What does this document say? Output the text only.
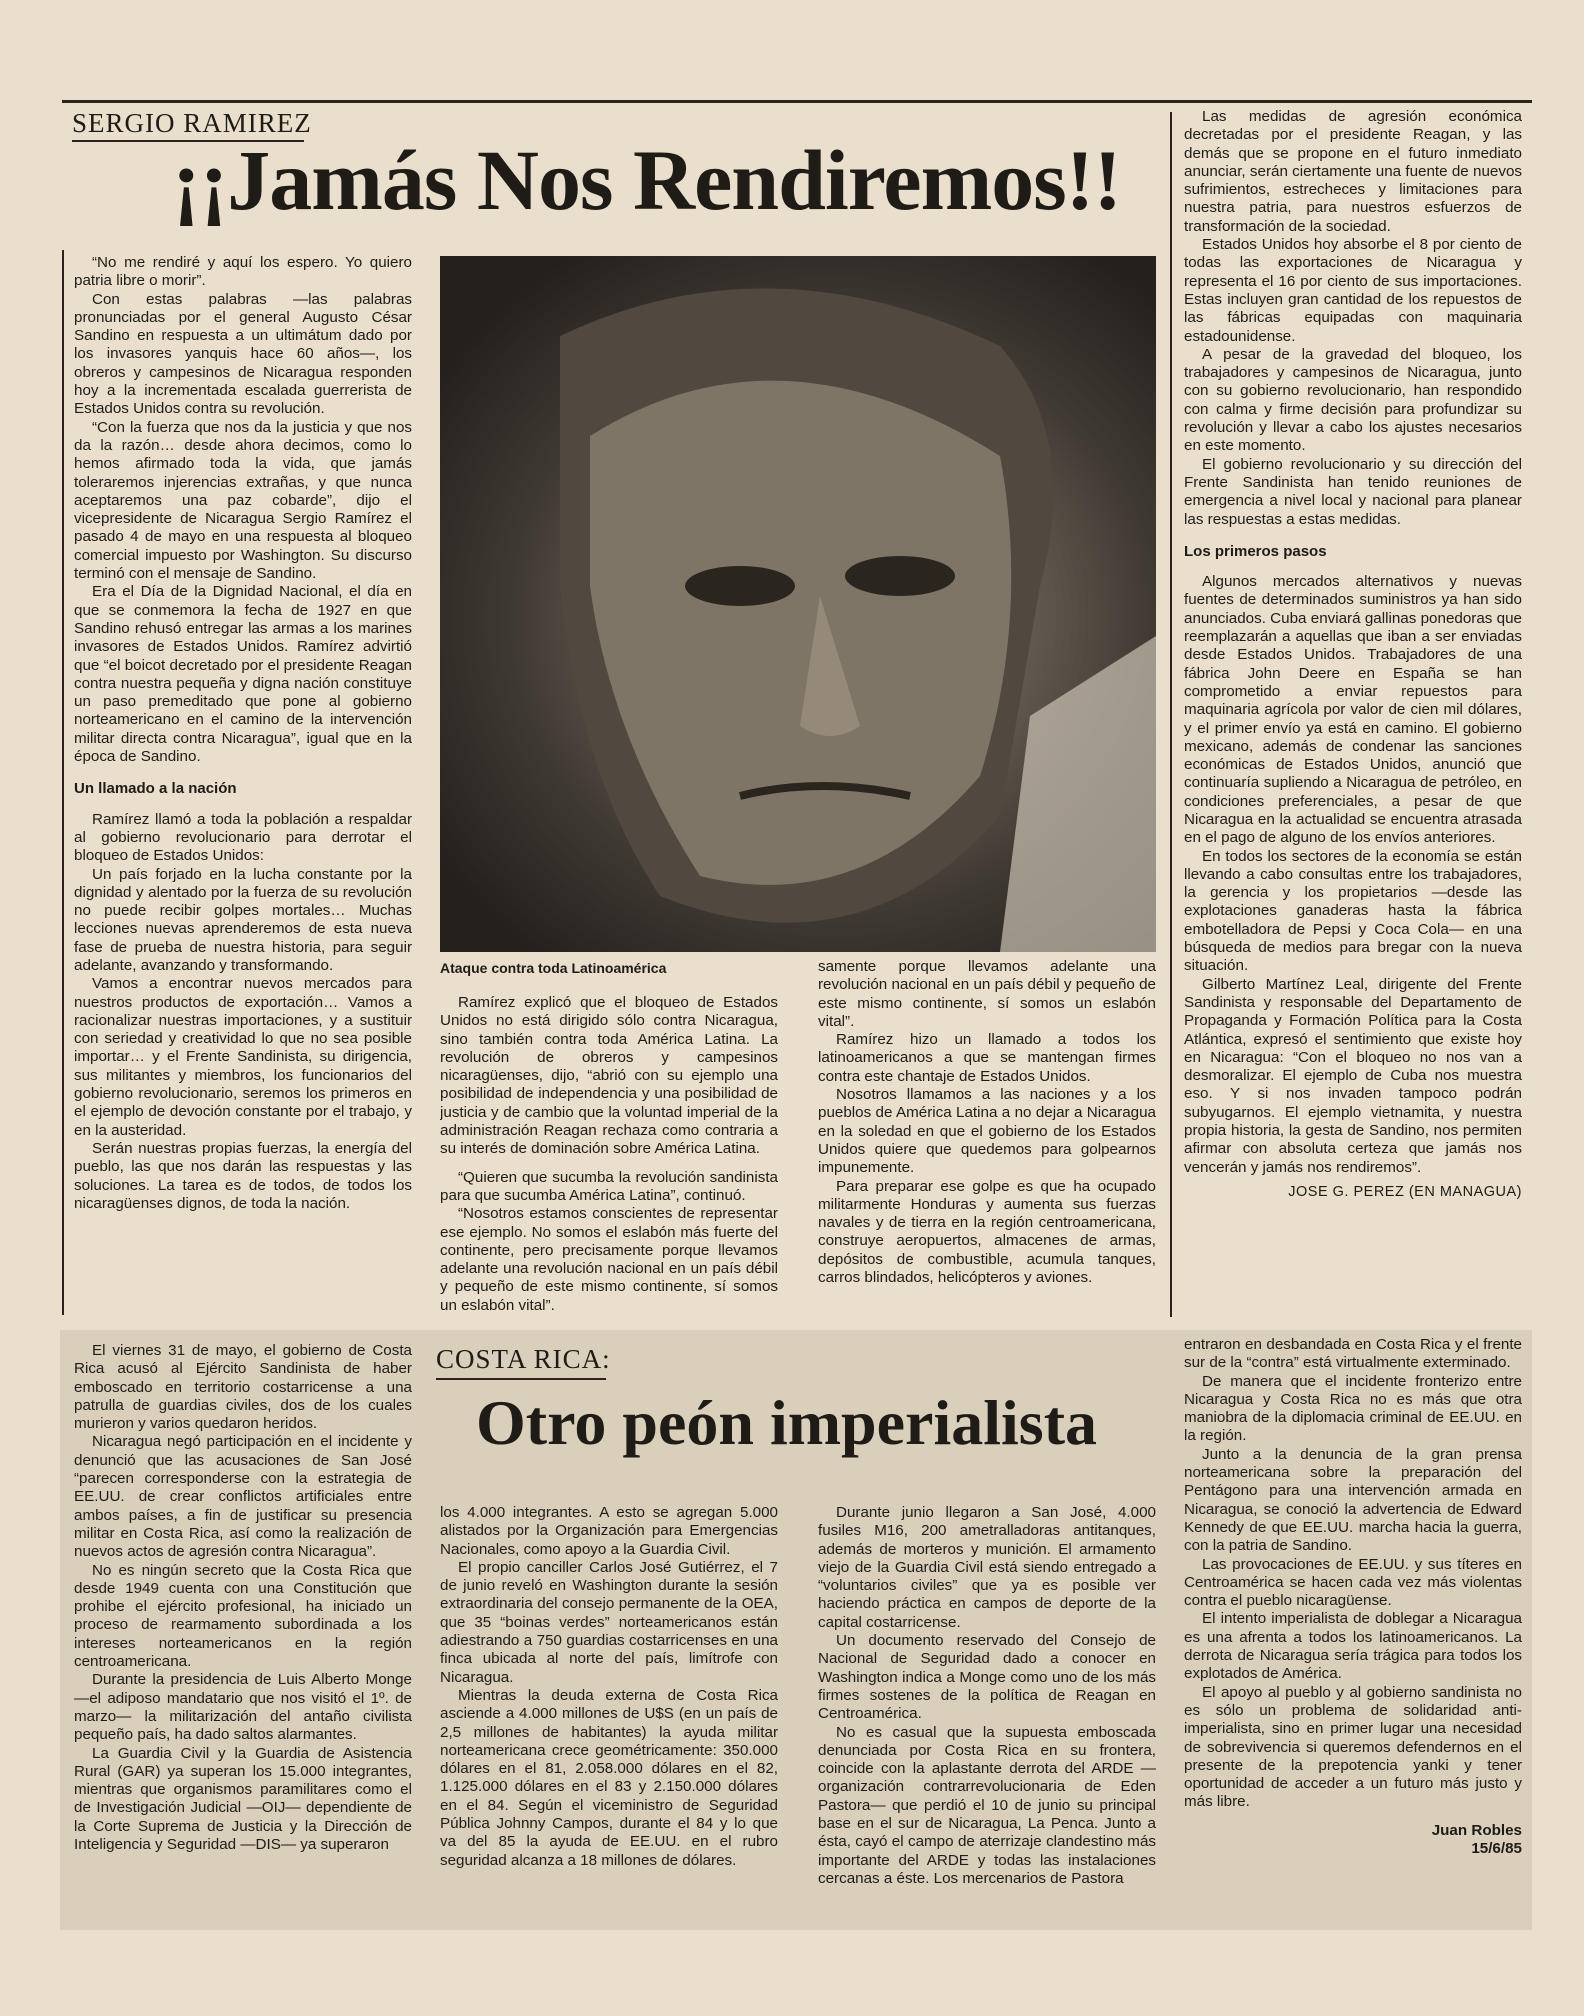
SERGIO RAMIREZ
¡¡Jamás Nos Rendiremos!!

“No me rendiré y aquí los espero. Yo quiero patria libre o morir”.

Con estas palabras —las palabras pronunciadas por el general Augusto César Sandino en respuesta a un ultimátum dado por los invasores yanquis hace 60 años—, los obreros y campesinos de Nicaragua responden hoy a la incrementada escalada guerrerista de Estados Unidos contra su revolución.

“Con la fuerza que nos da la justicia y que nos da la razón… desde ahora decimos, como lo hemos afirmado toda la vida, que jamás toleraremos injerencias extrañas, y que nunca aceptaremos una paz cobarde”, dijo el vicepresidente de Nicaragua Sergio Ramírez el pasado 4 de mayo en una respuesta al bloqueo comercial impuesto por Washington. Su discurso terminó con el mensaje de Sandino.

Era el Día de la Dignidad Nacional, el día en que se conmemora la fecha de 1927 en que Sandino rehusó entregar las armas a los marines invasores de Estados Unidos. Ramírez advirtió que “el boicot decretado por el presidente Reagan contra nuestra pequeña y digna nación constituye un paso premeditado que pone al gobierno norteamericano en el camino de la intervención militar directa contra Nicaragua”, igual que en la época de Sandino.

Un llamado a la nación

Ramírez llamó a toda la población a respaldar al gobierno revolucionario para derrotar el bloqueo de Estados Unidos:

Un país forjado en la lucha constante por la dignidad y alentado por la fuerza de su revolución no puede recibir golpes mortales… Muchas lecciones nuevas aprenderemos de esta nueva fase de prueba de nuestra historia, para seguir adelante, avanzando y transformando.

Vamos a encontrar nuevos mercados para nuestros productos de exportación… Vamos a racionalizar nuestras importaciones, y a sustituir con seriedad y creatividad lo que no sea posible importar… y el Frente Sandinista, su dirigencia, sus militantes y miembros, los funcionarios del gobierno revolucionario, seremos los primeros en el ejemplo de devoción constante por el trabajo, y en la austeridad.

Serán nuestras propias fuerzas, la energía del pueblo, las que nos darán las respuestas y las soluciones. La tarea es de todos, de todos los nicaragüenses dignos, de toda la nación.

Ataque contra toda Latinoamérica

Ramírez explicó que el bloqueo de Estados Unidos no está dirigido sólo contra Nicaragua, sino también contra toda América Latina. La revolución de obreros y campesinos nicaragüenses, dijo, “abrió con su ejemplo una posibilidad de independencia y una posibilidad de justicia y de cambio que la voluntad imperial de la administración Reagan rechaza como contraria a su interés de dominación sobre América Latina.

“Quieren que sucumba la revolución sandinista para que sucumba América Latina”, continuó.

“Nosotros estamos conscientes de representar ese ejemplo. No somos el eslabón más fuerte del continente, pero precisamente porque llevamos adelante una revolución nacional en un país débil y pequeño de este mismo continente, sí somos un eslabón vital”.

samente porque llevamos adelante una revolución nacional en un país débil y pequeño de este mismo continente, sí somos un eslabón vital”.

Ramírez hizo un llamado a todos los latinoamericanos a que se mantengan firmes contra este chantaje de Estados Unidos.

Nosotros llamamos a las naciones y a los pueblos de América Latina a no dejar a Nicaragua en la soledad en que el gobierno de los Estados Unidos quiere que quedemos para golpearnos impunemente.

Para preparar ese golpe es que ha ocupado militarmente Honduras y aumenta sus fuerzas navales y de tierra en la región centroamericana, construye aeropuertos, almacenes de armas, depósitos de combustible, acumula tanques, carros blindados, helicópteros y aviones.

Las medidas de agresión económica decretadas por el presidente Reagan, y las demás que se propone en el futuro inmediato anunciar, serán ciertamente una fuente de nuevos sufrimientos, estrecheces y limitaciones para nuestra patria, para nuestros esfuerzos de transformación de la sociedad.

Estados Unidos hoy absorbe el 8 por ciento de todas las exportaciones de Nicaragua y representa el 16 por ciento de sus importaciones. Estas incluyen gran cantidad de los repuestos de las fábricas equipadas con maquinaria estadounidense.

A pesar de la gravedad del bloqueo, los trabajadores y campesinos de Nicaragua, junto con su gobierno revolucionario, han respondido con calma y firme decisión para profundizar su revolución y llevar a cabo los ajustes necesarios en este momento.

El gobierno revolucionario y su dirección del Frente Sandinista han tenido reuniones de emergencia a nivel local y nacional para planear las respuestas a estas medidas.

Los primeros pasos

Algunos mercados alternativos y nuevas fuentes de determinados suministros ya han sido anunciados. Cuba enviará gallinas ponedoras que reemplazarán a aquellas que iban a ser enviadas desde Estados Unidos. Trabajadores de una fábrica John Deere en España se han comprometido a enviar repuestos para maquinaria agrícola por valor de cien mil dólares, y el primer envío ya está en camino. El gobierno mexicano, además de condenar las sanciones económicas de Estados Unidos, anunció que continuaría supliendo a Nicaragua de petróleo, en condiciones preferenciales, a pesar de que Nicaragua en la actualidad se encuentra atrasada en el pago de alguno de los envíos anteriores.

En todos los sectores de la economía se están llevando a cabo consultas entre los trabajadores, la gerencia y los propietarios —desde las explotaciones ganaderas hasta la fábrica embotelladora de Pepsi y Coca Cola— en una búsqueda de medios para bregar con la nueva situación.

Gilberto Martínez Leal, dirigente del Frente Sandinista y responsable del Departamento de Propaganda y Formación Política para la Costa Atlántica, expresó el sentimiento que existe hoy en Nicaragua: “Con el bloqueo no nos van a desmoralizar. El ejemplo de Cuba nos muestra eso. Y si nos invaden tampoco podrán subyugarnos. El ejemplo vietnamita, y nuestra propia historia, la gesta de Sandino, nos permiten afirmar con absoluta certeza que jamás nos vencerán y jamás nos rendiremos”.

JOSE G. PEREZ (EN MANAGUA)

El viernes 31 de mayo, el gobierno de Costa Rica acusó al Ejército Sandinista de haber emboscado en territorio costarricense a una patrulla de guardias civiles, dos de los cuales murieron y varios quedaron heridos.

Nicaragua negó participación en el incidente y denunció que las acusaciones de San José “parecen corresponderse con la estrategia de EE.UU. de crear conflictos artificiales entre ambos países, a fin de justificar su presencia militar en Costa Rica, así como la realización de nuevos actos de agresión contra Nicaragua”.

No es ningún secreto que la Costa Rica que desde 1949 cuenta con una Constitución que prohibe el ejército profesional, ha iniciado un proceso de rearmamento subordinada a los intereses norteamericanos en la región centroamericana.

Durante la presidencia de Luis Alberto Monge —el adiposo mandatario que nos visitó el 1º. de marzo— la militarización del antaño civilista pequeño país, ha dado saltos alarmantes.

La Guardia Civil y la Guardia de Asistencia Rural (GAR) ya superan los 15.000 integrantes, mientras que organismos paramilitares como el de Investigación Judicial —OIJ— dependiente de la Corte Suprema de Justicia y la Dirección de Inteligencia y Seguridad —DIS— ya superaron

COSTA RICA:
Otro peón imperialista

los 4.000 integrantes. A esto se agregan 5.000 alistados por la Organización para Emergencias Nacionales, como apoyo a la Guardia Civil.

El propio canciller Carlos José Gutiérrez, el 7 de junio reveló en Washington durante la sesión extraordinaria del consejo permanente de la OEA, que 35 “boinas verdes” norteamericanos están adiestrando a 750 guardias costarricenses en una finca ubicada al norte del país, limítrofe con Nicaragua.

Mientras la deuda externa de Costa Rica asciende a 4.000 millones de U$S (en un país de 2,5 millones de habitantes) la ayuda militar norteamericana crece geométricamente: 350.000 dólares en el 81, 2.058.000 dólares en el 82, 1.125.000 dólares en el 83 y 2.150.000 dólares en el 84. Según el viceministro de Seguridad Pública Johnny Campos, durante el 84 y lo que va del 85 la ayuda de EE.UU. en el rubro seguridad alcanza a 18 millones de dólares.

Durante junio llegaron a San José, 4.000 fusiles M16, 200 ametralladoras antitanques, además de morteros y munición. El armamento viejo de la Guardia Civil está siendo entregado a “voluntarios civiles” que ya es posible ver haciendo práctica en campos de deporte de la capital costarricense.

Un documento reservado del Consejo de Nacional de Seguridad dado a conocer en Washington indica a Monge como uno de los más firmes sostenes de la política de Reagan en Centroamérica.

No es casual que la supuesta emboscada denunciada por Costa Rica en su frontera, coincide con la aplastante derrota del ARDE —organización contrarrevolucionaria de Eden Pastora— que perdió el 10 de junio su principal base en el sur de Nicaragua, La Penca. Junto a ésta, cayó el campo de aterrizaje clandestino más importante del ARDE y todas las instalaciones cercanas a éste. Los mercenarios de Pastora

entraron en desbandada en Costa Rica y el frente sur de la “contra” está virtualmente exterminado.

De manera que el incidente fronterizo entre Nicaragua y Costa Rica no es más que otra maniobra de la diplomacia criminal de EE.UU. en la región.

Junto a la denuncia de la gran prensa norteamericana sobre la preparación del Pentágono para una intervención armada en Nicaragua, se conoció la advertencia de Edward Kennedy de que EE.UU. marcha hacia la guerra, con la patria de Sandino.

Las provocaciones de EE.UU. y sus títeres en Centroamérica se hacen cada vez más violentas contra el pueblo nicaragüense.

El intento imperialista de doblegar a Nicaragua es una afrenta a todos los latinoamericanos. La derrota de Nicaragua sería trágica para todos los explotados de América.

El apoyo al pueblo y al gobierno sandinista no es sólo un problema de solidaridad anti-imperialista, sino en primer lugar una necesidad de sobrevivencia si queremos defendernos en el presente de la prepotencia yanki y tener oportunidad de acceder a un futuro más justo y más libre.

Juan Robles
15/6/85
